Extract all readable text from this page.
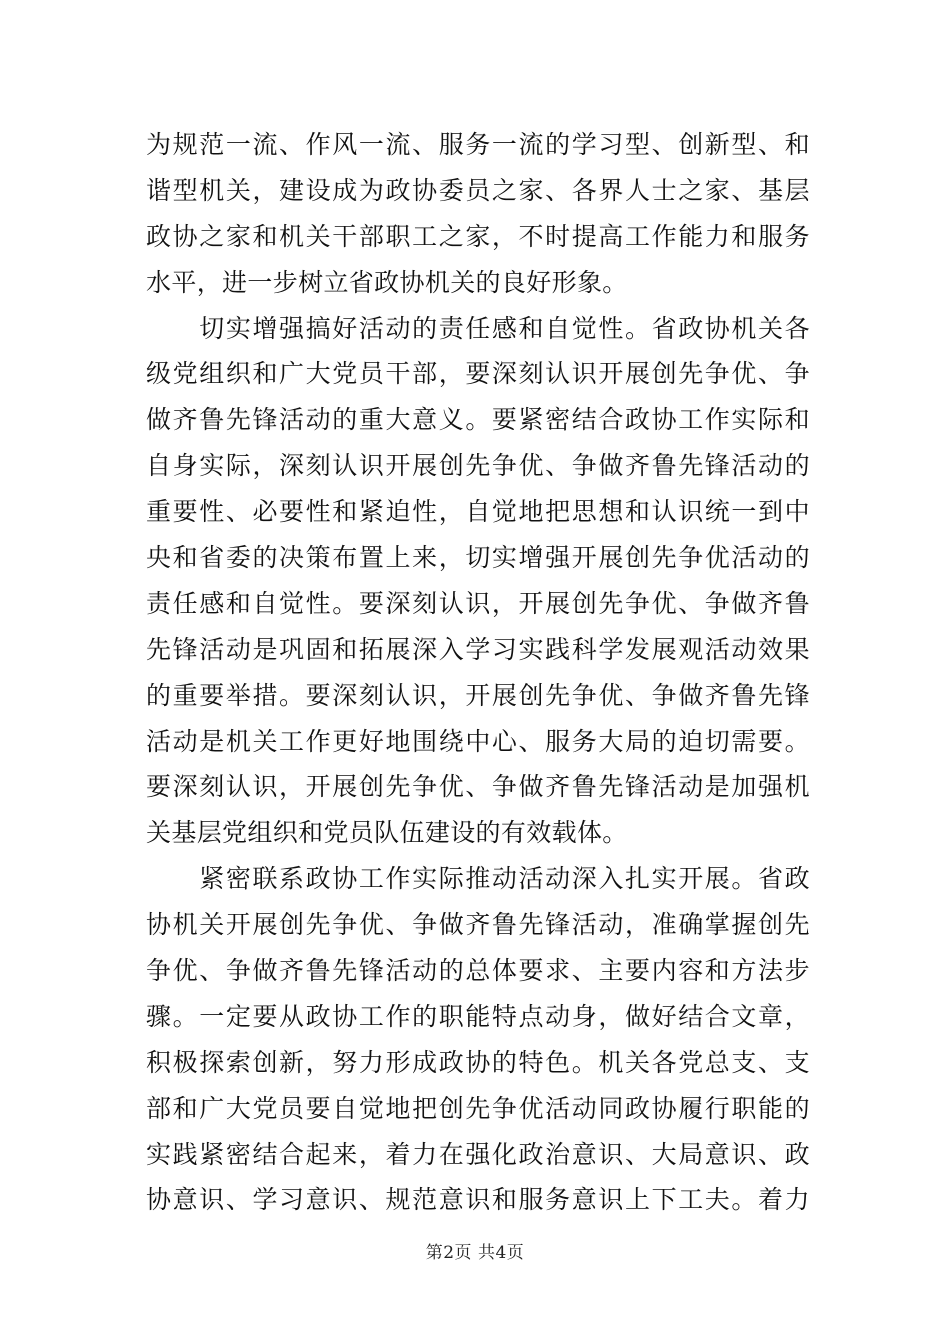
为规范一流、作风一流、服务一流的学习型、创新型、和
谐型机关，建设成为政协委员之家、各界人士之家、基层
政协之家和机关干部职工之家，不时提高工作能力和服务
水平，进一步树立省政协机关的良好形象。
　　切实增强搞好活动的责任感和自觉性。省政协机关各
级党组织和广大党员干部，要深刻认识开展创先争优、争
做齐鲁先锋活动的重大意义。要紧密结合政协工作实际和
自身实际，深刻认识开展创先争优、争做齐鲁先锋活动的
重要性、必要性和紧迫性，自觉地把思想和认识统一到中
央和省委的决策布置上来，切实增强开展创先争优活动的
责任感和自觉性。要深刻认识，开展创先争优、争做齐鲁
先锋活动是巩固和拓展深入学习实践科学发展观活动效果
的重要举措。要深刻认识，开展创先争优、争做齐鲁先锋
活动是机关工作更好地围绕中心、服务大局的迫切需要。
要深刻认识，开展创先争优、争做齐鲁先锋活动是加强机
关基层党组织和党员队伍建设的有效载体。
　　紧密联系政协工作实际推动活动深入扎实开展。省政
协机关开展创先争优、争做齐鲁先锋活动，准确掌握创先
争优、争做齐鲁先锋活动的总体要求、主要内容和方法步
骤。一定要从政协工作的职能特点动身，做好结合文章，
积极探索创新，努力形成政协的特色。机关各党总支、支
部和广大党员要自觉地把创先争优活动同政协履行职能的
实践紧密结合起来，着力在强化政治意识、大局意识、政
协意识、学习意识、规范意识和服务意识上下工夫。着力
第2页 共4页
